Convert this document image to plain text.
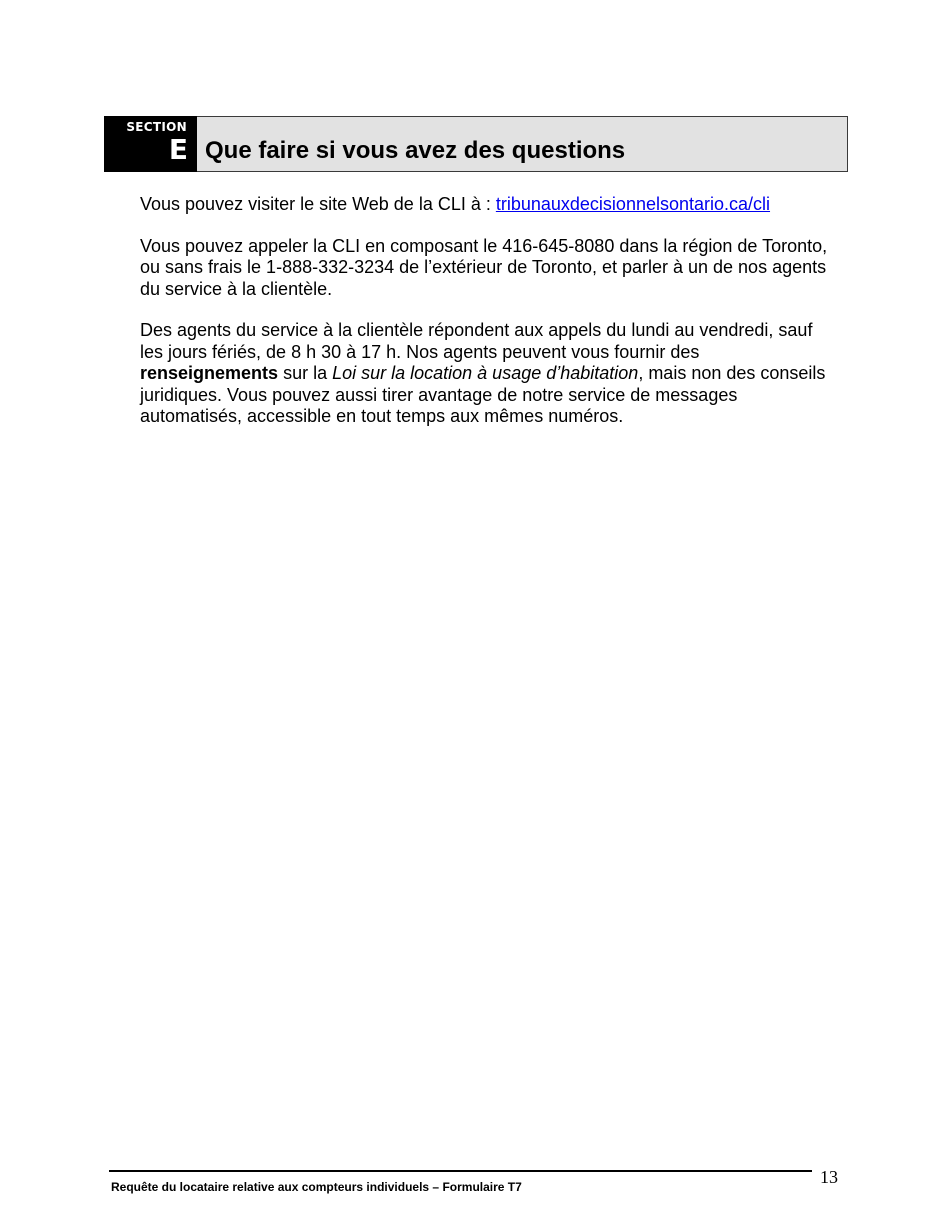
SECTION
E Que faire si vous avez des questions

Vous pouvez visiter le site Web de la CLI à : tribunauxdecisionnelsontario.ca/cli

Vous pouvez appeler la CLI en composant le 416-645-8080 dans la région de Toronto, ou sans frais le 1-888-332-3234 de l’extérieur de Toronto, et parler à un de nos agents du service à la clientèle.

Des agents du service à la clientèle répondent aux appels du lundi au vendredi, sauf les jours fériés, de 8 h 30 à 17 h. Nos agents peuvent vous fournir des renseignements sur la Loi sur la location à usage d’habitation, mais non des conseils juridiques. Vous pouvez aussi tirer avantage de notre service de messages automatisés, accessible en tout temps aux mêmes numéros.

Requête du locataire relative aux compteurs individuels – Formulaire T7	13
